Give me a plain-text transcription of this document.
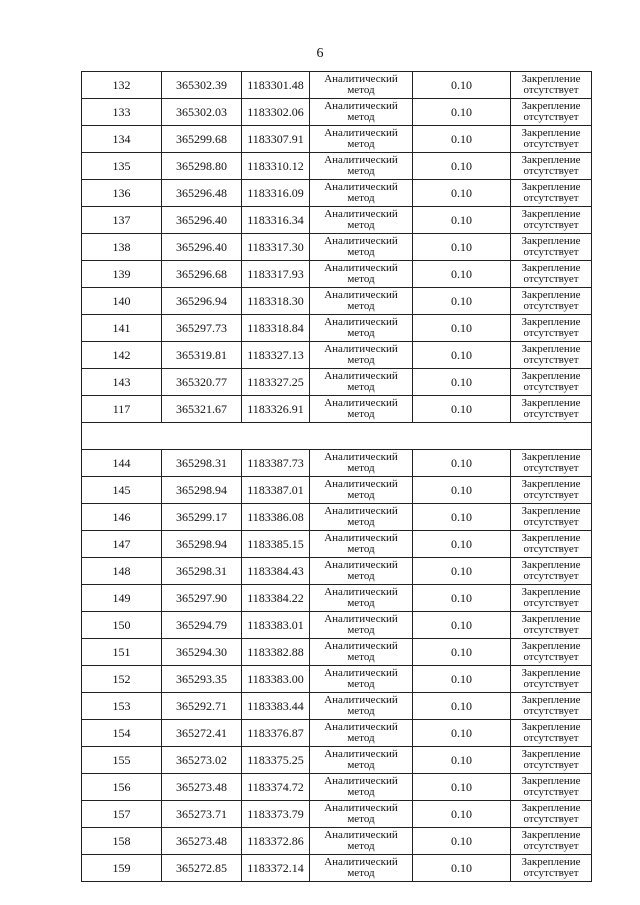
6
132	365302.39	1183301.48	Аналитический метод	0.10	Закрепление отсутствует
133	365302.03	1183302.06	Аналитический метод	0.10	Закрепление отсутствует
134	365299.68	1183307.91	Аналитический метод	0.10	Закрепление отсутствует
135	365298.80	1183310.12	Аналитический метод	0.10	Закрепление отсутствует
136	365296.48	1183316.09	Аналитический метод	0.10	Закрепление отсутствует
137	365296.40	1183316.34	Аналитический метод	0.10	Закрепление отсутствует
138	365296.40	1183317.30	Аналитический метод	0.10	Закрепление отсутствует
139	365296.68	1183317.93	Аналитический метод	0.10	Закрепление отсутствует
140	365296.94	1183318.30	Аналитический метод	0.10	Закрепление отсутствует
141	365297.73	1183318.84	Аналитический метод	0.10	Закрепление отсутствует
142	365319.81	1183327.13	Аналитический метод	0.10	Закрепление отсутствует
143	365320.77	1183327.25	Аналитический метод	0.10	Закрепление отсутствует
117	365321.67	1183326.91	Аналитический метод	0.10	Закрепление отсутствует

144	365298.31	1183387.73	Аналитический метод	0.10	Закрепление отсутствует
145	365298.94	1183387.01	Аналитический метод	0.10	Закрепление отсутствует
146	365299.17	1183386.08	Аналитический метод	0.10	Закрепление отсутствует
147	365298.94	1183385.15	Аналитический метод	0.10	Закрепление отсутствует
148	365298.31	1183384.43	Аналитический метод	0.10	Закрепление отсутствует
149	365297.90	1183384.22	Аналитический метод	0.10	Закрепление отсутствует
150	365294.79	1183383.01	Аналитический метод	0.10	Закрепление отсутствует
151	365294.30	1183382.88	Аналитический метод	0.10	Закрепление отсутствует
152	365293.35	1183383.00	Аналитический метод	0.10	Закрепление отсутствует
153	365292.71	1183383.44	Аналитический метод	0.10	Закрепление отсутствует
154	365272.41	1183376.87	Аналитический метод	0.10	Закрепление отсутствует
155	365273.02	1183375.25	Аналитический метод	0.10	Закрепление отсутствует
156	365273.48	1183374.72	Аналитический метод	0.10	Закрепление отсутствует
157	365273.71	1183373.79	Аналитический метод	0.10	Закрепление отсутствует
158	365273.48	1183372.86	Аналитический метод	0.10	Закрепление отсутствует
159	365272.85	1183372.14	Аналитический метод	0.10	Закрепление отсутствует
